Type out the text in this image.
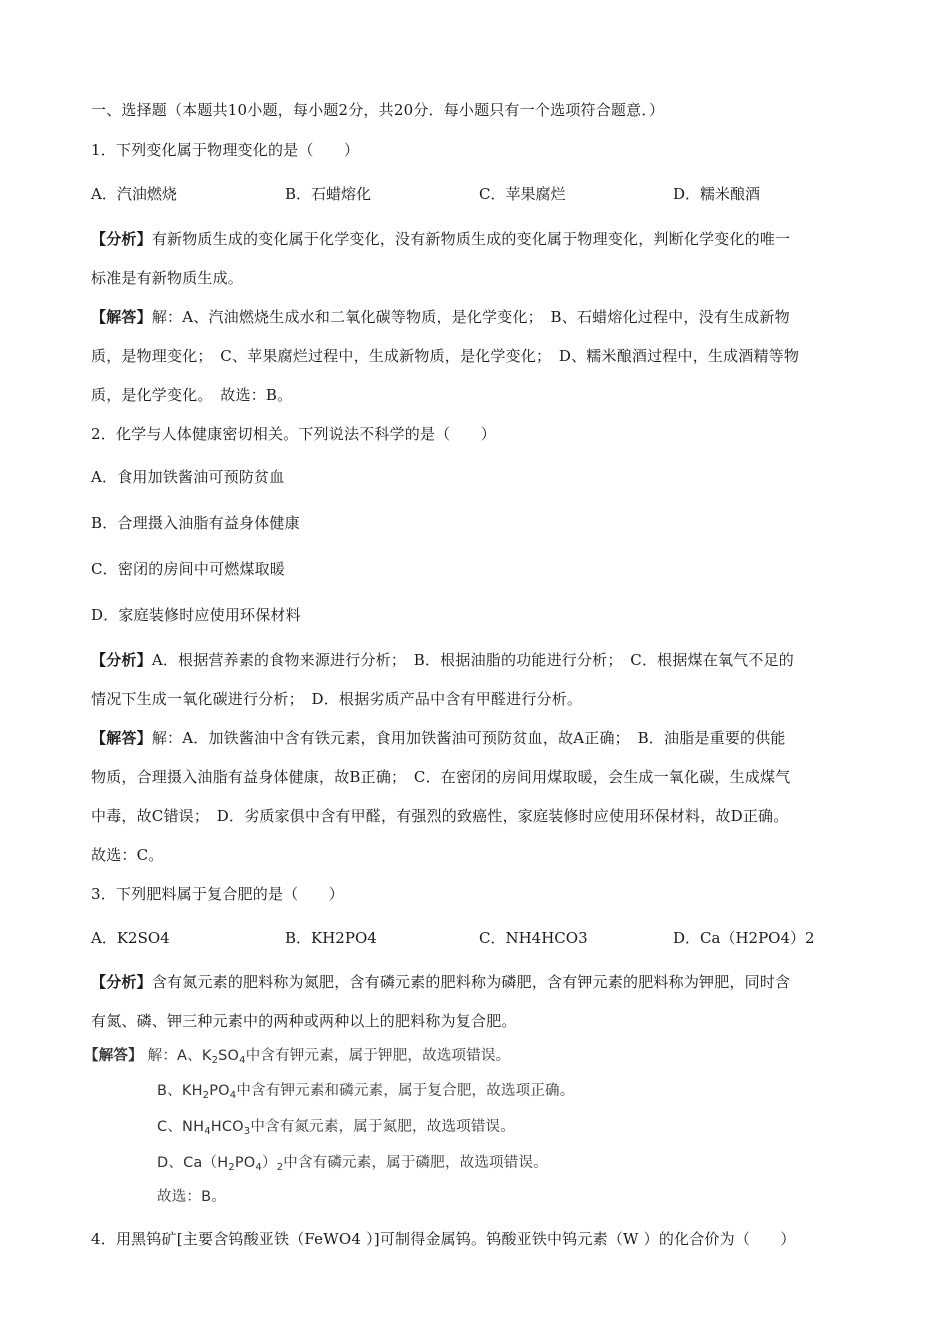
一、选择题（本题共10小题，每小题2分，共20分．每小题只有一个选项符合题意．）
1．下列变化属于物理变化的是（　　）
A．汽油燃烧	B．石蜡熔化	C．苹果腐烂	D．糯米酿酒
【分析】有新物质生成的变化属于化学变化，没有新物质生成的变化属于物理变化，判断化学变化的唯一
标准是有新物质生成。
【解答】解：A、汽油燃烧生成水和二氧化碳等物质，是化学变化；　B、石蜡熔化过程中，没有生成新物
质，是物理变化；　C、苹果腐烂过程中，生成新物质，是化学变化；　D、糯米酿酒过程中，生成酒精等物
质，是化学变化。　故选：B。
2．化学与人体健康密切相关。下列说法不科学的是（　　）
A．食用加铁酱油可预防贫血
B．合理摄入油脂有益身体健康
C．密闭的房间中可燃煤取暖
D．家庭装修时应使用环保材料
【分析】A．根据营养素的食物来源进行分析；　B．根据油脂的功能进行分析；　C．根据煤在氧气不足的
情况下生成一氧化碳进行分析；　D．根据劣质产品中含有甲醛进行分析。
【解答】解：A．加铁酱油中含有铁元素，食用加铁酱油可预防贫血，故A正确；　B．油脂是重要的供能
物质，合理摄入油脂有益身体健康，故B正确；　C．在密闭的房间用煤取暖，会生成一氧化碳，生成煤气
中毒，故C错误；　D．劣质家俱中含有甲醛，有强烈的致癌性，家庭装修时应使用环保材料，故D正确。
故选：C。
3．下列肥料属于复合肥的是（　　）
A．K2SO4	B．KH2PO4	C．NH4HCO3	D．Ca（H2PO4）2
【分析】含有氮元素的肥料称为氮肥，含有磷元素的肥料称为磷肥，含有钾元素的肥料称为钾肥，同时含
有氮、磷、钾三种元素中的两种或两种以上的肥料称为复合肥。
【解答】 解：A、$K_2SO_4$中含有钾元素，属于钾肥，故选项错误。
B、$KH_2PO_4$中含有钾元素和磷元素，属于复合肥，故选项正确。
C、$NH_4HCO_3$中含有氮元素，属于氮肥，故选项错误。
D、$Ca(H_2PO_4)_2$中含有磷元素，属于磷肥，故选项错误。
故选：B。
4．用黑钨矿[主要含钨酸亚铁（FeWO4 ）]可制得金属钨。钨酸亚铁中钨元素（W ）的化合价为（　　）
